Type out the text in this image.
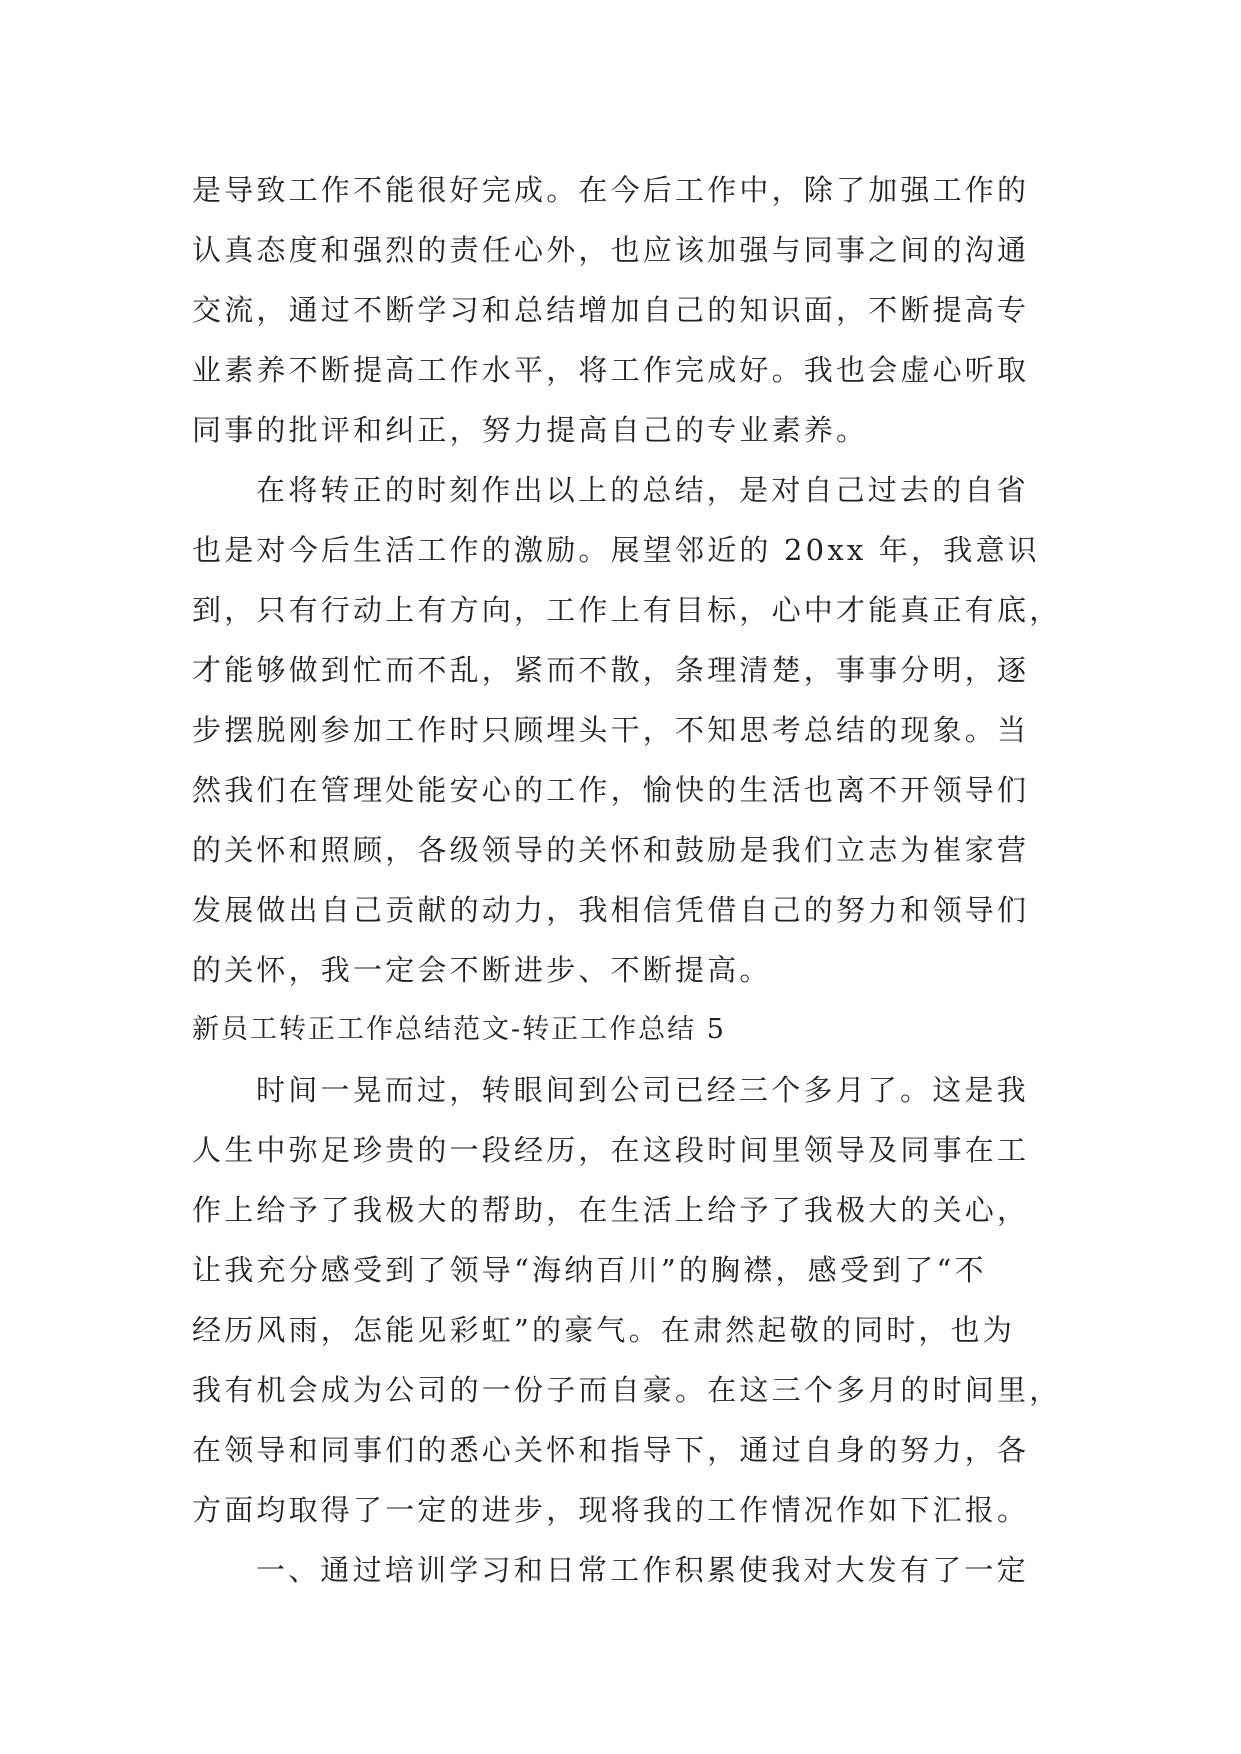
是导致工作不能很好完成。在今后工作中，除了加强工作的
认真态度和强烈的责任心外，也应该加强与同事之间的沟通
交流，通过不断学习和总结增加自己的知识面，不断提高专
业素养不断提高工作水平，将工作完成好。我也会虚心听取
同事的批评和纠正，努力提高自己的专业素养。
在将转正的时刻作出以上的总结，是对自己过去的自省
也是对今后生活工作的激励。展望邻近的 20xx 年，我意识
到，只有行动上有方向，工作上有目标，心中才能真正有底，
才能够做到忙而不乱，紧而不散，条理清楚，事事分明，逐
步摆脱刚参加工作时只顾埋头干，不知思考总结的现象。当
然我们在管理处能安心的工作，愉快的生活也离不开领导们
的关怀和照顾，各级领导的关怀和鼓励是我们立志为崔家营
发展做出自己贡献的动力，我相信凭借自己的努力和领导们
的关怀，我一定会不断进步、不断提高。
新员工转正工作总结范文-转正工作总结 5
时间一晃而过，转眼间到公司已经三个多月了。这是我
人生中弥足珍贵的一段经历，在这段时间里领导及同事在工
作上给予了我极大的帮助，在生活上给予了我极大的关心，
让我充分感受到了领导“海纳百川”的胸襟，感受到了“不
经历风雨，怎能见彩虹”的豪气。在肃然起敬的同时，也为
我有机会成为公司的一份子而自豪。在这三个多月的时间里，
在领导和同事们的悉心关怀和指导下，通过自身的努力，各
方面均取得了一定的进步，现将我的工作情况作如下汇报。
一、通过培训学习和日常工作积累使我对大发有了一定
